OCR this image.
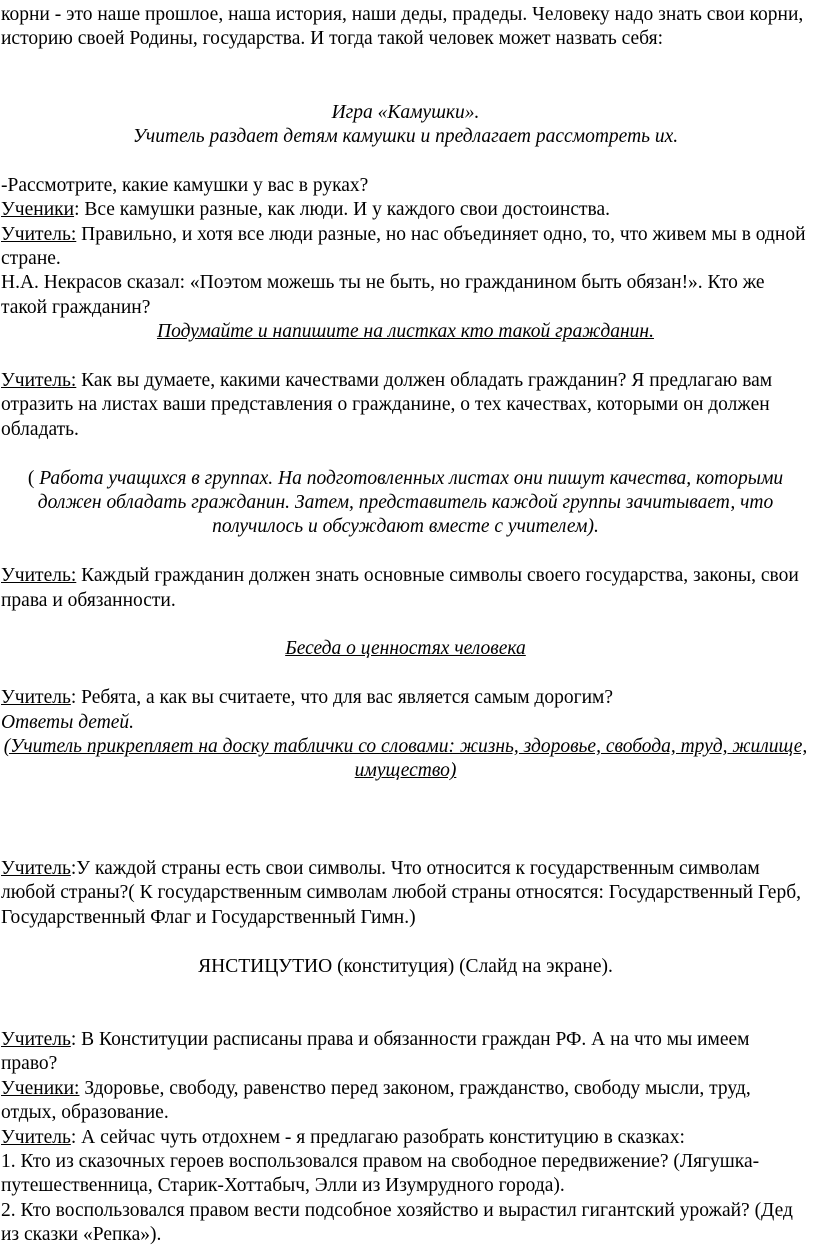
корни - это наше прошлое, наша история, наши деды, прадеды. Человеку надо знать свои корни, историю своей Родины, государства. И тогда такой человек может назвать себя:

Игра «Камушки».

Учитель раздает детям камушки и предлагает рассмотреть их.

-Рассмотрите, какие камушки у вас в руках?

Ученики: Все камушки разные, как люди. И у каждого свои достоинства.

Учитель: Правильно, и хотя все люди разные, но нас объединяет одно, то, что живем мы в одной стране.

Н.А. Некрасов сказал: «Поэтом можешь ты не быть, но гражданином быть обязан!». Кто же такой гражданин?

Подумайте и напишите на листках кто такой гражданин.

Учитель: Как вы думаете, какими качествами должен обладать гражданин? Я предлагаю вам отразить на листах ваши представления о гражданине, о тех качествах, которыми он должен обладать.

( Работа учащихся в группах. На подготовленных листах они пишут качества, которыми должен обладать гражданин. Затем, представитель каждой группы зачитывает, что получилось и обсуждают вместе с учителем).

Учитель: Каждый гражданин должен знать основные символы своего государства, законы, свои права и обязанности.

Беседа о ценностях человека

Учитель: Ребята, а как вы считаете, что для вас является самым дорогим?

Ответы детей.

(Учитель прикрепляет на доску таблички со словами: жизнь, здоровье, свобода, труд, жилище, имущество)

Учитель:У каждой страны есть свои символы. Что относится к государственным символам любой страны?( К государственным символам любой страны относятся: Государственный Герб, Государственный Флаг и Государственный Гимн.)

ЯНСТИЦУТИО (конституция) (Слайд на экране).

Учитель: В Конституции расписаны права и обязанности граждан РФ. А на что мы имеем право?

Ученики: Здоровье, свободу, равенство перед законом, гражданство, свободу мысли, труд, отдых, образование.

Учитель: А сейчас чуть отдохнем - я предлагаю разобрать конституцию в сказках:

1. Кто из сказочных героев воспользовался правом на свободное передвижение? (Лягушка-путешественница, Старик-Хоттабыч, Элли из Изумрудного города).

2. Кто воспользовался правом вести подсобное хозяйство и вырастил гигантский урожай? (Дед из сказки «Репка»).
